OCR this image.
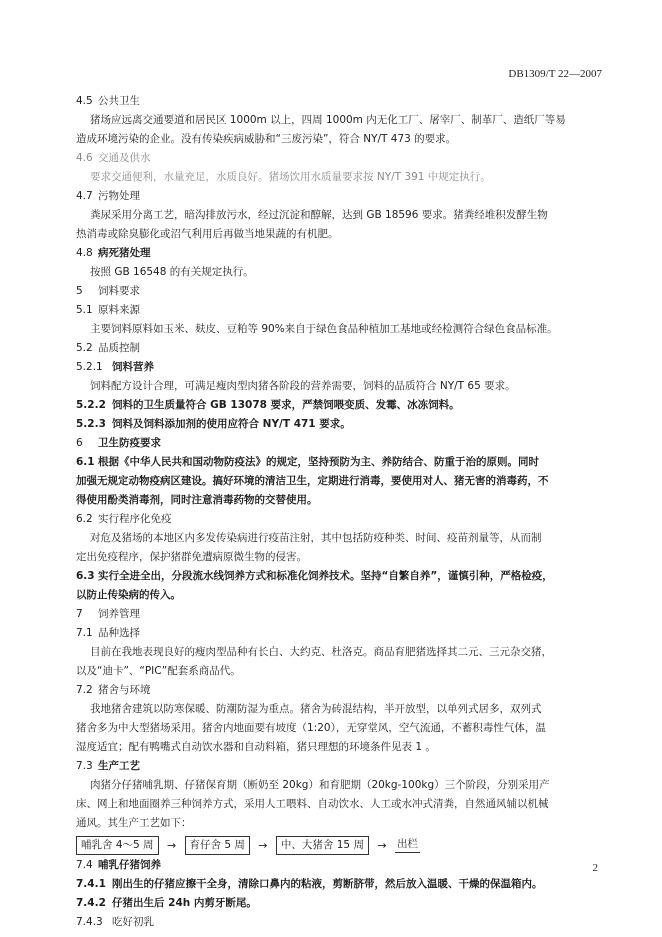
DB1309/T 22—2007
4.5 公共卫生
猪场应远离交通要道和居民区 1000m 以上，四周 1000m 内无化工厂、屠宰厂、制革厂、造纸厂等易
造成环境污染的企业。没有传染疾病威胁和“三废污染”，符合 NY/T 473 的要求。
4.6 交通及供水
要求交通便利，水量充足，水质良好。猪场饮用水质量要求按 NY/T 391 中规定执行。
4.7 污物处理
粪尿采用分离工艺，暗沟排放污水，经过沉淀和醇解，达到 GB 18596 要求。猪粪经堆积发酵生物
热消毒或除臭膨化或沼气利用后再做当地果蔬的有机肥。
4.8 病死猪处理
按照 GB 16548 的有关规定执行。
5 饲料要求
5.1 原料来源
主要饲料原料如玉米、麸皮、豆粕等 90%来自于绿色食品种植加工基地或经检测符合绿色食品标准。
5.2 品质控制
5.2.1 饲料营养
饲料配方设计合理，可满足瘦肉型肉猪各阶段的营养需要，饲料的品质符合 NY/T 65 要求。
5.2.2 饲料的卫生质量符合 GB 13078 要求，严禁饲喂变质、发霉、冰冻饲料。
5.2.3 饲料及饲料添加剂的使用应符合 NY/T 471 要求。
6 卫生防疫要求
6.1 根据《中华人民共和国动物防疫法》的规定，坚持预防为主、养防结合、防重于治的原则。同时
加强无规定动物疫病区建设。搞好环境的清洁卫生，定期进行消毒，要使用对人、猪无害的消毒药，不
得使用酚类消毒剂，同时注意消毒药物的交替使用。
6.2 实行程序化免疫
对危及猪场的本地区内多发传染病进行疫苗注射，其中包括防疫种类、时间、疫苗剂量等，从而制
定出免疫程序，保护猪群免遭病原微生物的侵害。
6.3 实行全进全出，分段流水线饲养方式和标准化饲养技术。坚持“自繁自养”，谨慎引种，严格检疫，
以防止传染病的传入。
7 饲养管理
7.1 品种选择
目前在我地表现良好的瘦肉型品种有长白、大约克、杜洛克。商品育肥猪选择其二元、三元杂交猪，
以及“迪卡”、“PIC”配套系商品代。
7.2 猪舍与环境
我地猪舍建筑以防寒保暖、防潮防湿为重点。猪舍为砖混结构，半开放型，以单列式居多，双列式
猪舍多为中大型猪场采用。猪舍内地面要有坡度（1:20），无穿堂风，空气流通，不蓄积毒性气体，温
湿度适宜；配有鸭嘴式自动饮水器和自动料箱，猪只理想的环境条件见表 1 。
7.3 生产工艺
肉猪分仔猪哺乳期、仔猪保育期（断奶至 20kg）和育肥期（20kg-100kg）三个阶段，分别采用产
床、网上和地面圈养三种饲养方式，采用人工喂料、自动饮水、人工或水冲式清粪，自然通风辅以机械
通风。其生产工艺如下：
哺乳舍 4～5 周	→	育仔舍 5 周	→	中、大猪舍 15 周	→ 出栏
7.4 哺乳仔猪饲养
7.4.1 刚出生的仔猪应擦干全身，清除口鼻内的粘液，剪断脐带，然后放入温暖、干燥的保温箱内。
7.4.2 仔猪出生后 24h 内剪牙断尾。
7.4.3 吃好初乳
2
